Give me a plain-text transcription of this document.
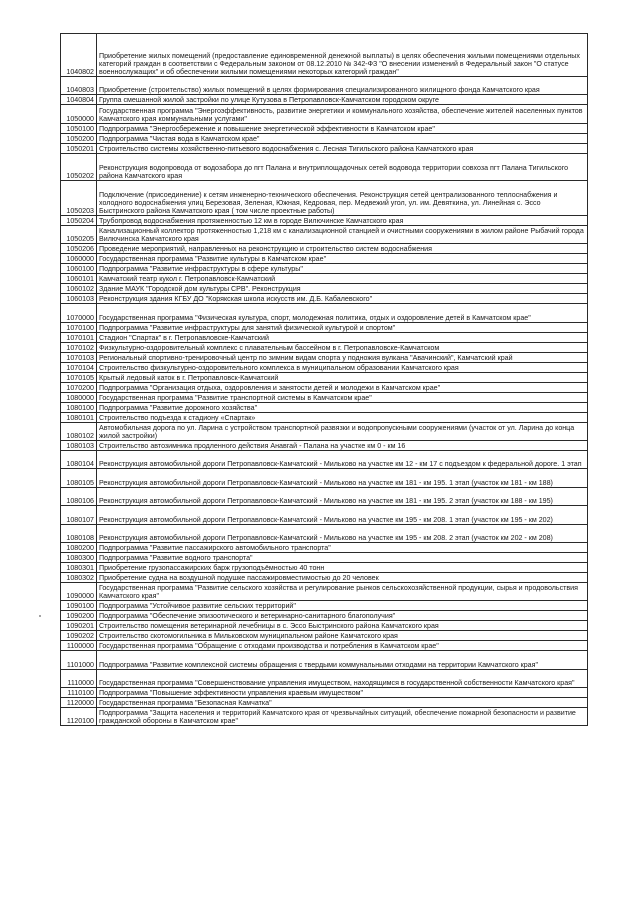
1040802	Приобретение жилых помещений (предоставление единовременной денежной выплаты) в целях обеспечения жилыми помещениями отдельных категорий граждан в соответствии с Федеральным законом от 08.12.2010 № 342-ФЗ "О внесении изменений в Федеральный закон "О статусе военнослужащих" и об обеспечении жилыми помещениями некоторых категорий граждан"
1040803	Приобретение (строительство) жилых помещений в целях формирования специализированного жилищного фонда Камчатского края
1040804	Группа смешанной жилой застройки по улице Кутузова в Петропавловск-Камчатском городском округе
1050000	Государственная программа "Энергоэффективность, развитие энергетики и коммунального хозяйства, обеспечение жителей населенных пунктов Камчатского края коммунальными услугами"
1050100	Подпрограмма "Энергосбережение и повышение энергетической эффективности в Камчатском крае"
1050200	Подпрограмма "Чистая вода в Камчатском крае"
1050201	Строительство системы хозяйственно-питьевого водоснабжения с. Лесная Тигильского района Камчатского края
1050202	Реконструкция водопровода от водозабора до пгт Палана и внутриплощадочных сетей водовода территории совхоза пгт Палана Тигильского района Камчатского края
1050203	Подключение (присоединение) к сетям инженерно-технического обеспечения. Реконструкция сетей централизованного теплоснабжения и холодного водоснабжения улиц Березовая, Зеленая, Южная, Кедровая, пер. Медвежий угол, ул. им. Девяткина, ул. Линейная с. Эссо Быстринского района Камчатского края ( том числе проектные работы)
1050204	Трубопровод водоснабжения протяженностью 12 км в городе Вилючинске Камчатского края
1050205	Канализационный коллектор протяженностью 1,218 км с канализационной станцией и очистными сооружениями в жилом районе Рыбачий города Вилючинска Камчатского края
1050206	Проведение мероприятий, направленных на реконструкцию и строительство систем водоснабжения
1060000	Государственная программа "Развитие культуры в Камчатском крае"
1060100	Подпрограмма "Развитие инфраструктуры в сфере культуры"
1060101	Камчатский театр кукол г. Петропавловск-Камчатский
1060102	Здание МАУК "Городской дом культуры СРВ". Реконструкция
1060103	Реконструкция здания КГБУ ДО "Корякская школа искусств им. Д.Б. Кабалевского"
1070000	Государственная программа "Физическая культура, спорт, молодежная политика, отдых и оздоровление детей в Камчатском крае"
1070100	Подпрограмма "Развитие инфраструктуры для занятий физической культурой и спортом"
1070101	Стадион "Спартак" в г. Петропавловске-Камчатский
1070102	Физкультурно-оздоровительный комплекс с плавательным бассейном в г. Петропавловске-Камчатском
1070103	Региональный спортивно-тренировочный центр по зимним видам спорта у подножия вулкана "Авачинский", Камчатский край
1070104	Строительство физкультурно-оздоровительного комплекса в муниципальном образовании Камчатского края
1070105	Крытый ледовый каток в г. Петропавловск-Камчатский
1070200	Подпрограмма "Организация отдыха, оздоровления и занятости детей и молодежи в Камчатском крае"
1080000	Государственная программа "Развитие транспортной системы в Камчатском крае"
1080100	Подпрограмма "Развитие дорожного хозяйства"
1080101	Строительство подъезда к стадиону «Спартак»
1080102	Автомобильная дорога по ул. Ларина с устройством транспортной развязки и водопропускными сооружениями (участок от ул. Ларина до конца жилой застройки)
1080103	Строительство автозимника продленного действия Анавгай - Палана на участке км 0 - км 16
1080104	Реконструкция автомобильной дороги Петропавловск-Камчатский - Мильково на участке км 12 - км 17 с подъездом к федеральной дороге. 1 этап
1080105	Реконструкция автомобильной дороги Петропавловск-Камчатский - Мильково на участке км 181 - км 195. 1 этап (участок км 181 - км 188)
1080106	Реконструкция автомобильной дороги Петропавловск-Камчатский - Мильково на участке км 181 - км 195. 2 этап (участок км 188 - км 195)
1080107	Реконструкция автомобильной дороги Петропавловск-Камчатский - Мильково на участке км 195 - км 208. 1 этап (участок км 195 - км 202)
1080108	Реконструкция автомобильной дороги Петропавловск-Камчатский - Мильково на участке км 195 - км 208. 2 этап (участок км 202 - км 208)
1080200	Подпрограмма "Развитие пассажирского автомобильного транспорта"
1080300	Подпрограмма "Развитие водного транспорта"
1080301	Приобретение грузопассажирских барж грузоподъёмностью 40 тонн
1080302	Приобретение судна на воздушной подушке пассажировместимостью до 20 человек
1090000	Государственная программа "Развитие сельского хозяйства и регулирование рынков сельскохозяйственной продукции, сырья и продовольствия Камчатского края"
1090100	Подпрограмма "Устойчивое развитие сельских территорий"
1090200	Подпрограмма "Обеспечение эпизоотического и ветеринарно-санитарного благополучия"
1090201	Строительство помещения ветеринарной лечебницы в с. Эссо Быстринского района Камчатского края
1090202	Строительство скотомогильника в Мильковском муниципальном районе Камчатского края
1100000	Государственная программа "Обращение с отходами производства и потребления в Камчатском крае"
1101000	Подпрограмма "Развитие комплексной системы обращения с твердыми коммунальными отходами на территории Камчатского края"
1110000	Государственная программа "Совершенствование управления имуществом, находящимся в государственной собственности Камчатского края"
1110100	Подпрограмма "Повышение эффективности управления краевым имуществом"
1120000	Государственная программа "Безопасная Камчатка"
1120100	Подпрограмма "Защита населения и территорий Камчатского края от чрезвычайных ситуаций, обеспечение пожарной безопасности и развитие гражданской обороны в Камчатском крае"
